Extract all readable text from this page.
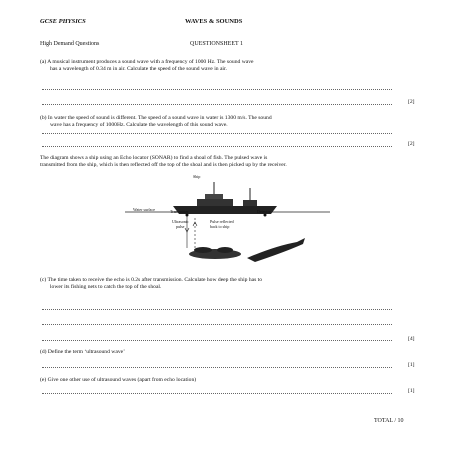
GCSE PHYSICS	WAVES & SOUNDS
High Demand Questions	QUESTIONSHEET 1
(a) A musical instrument produces a sound wave with a frequency of 1000 Hz. The sound wave
has a wavelength of 0.34 m in air. Calculate the speed of the sound wave in air.
[2]
(b) In water the speed of sound is different. The speed of a sound wave in water is 1300 m/s. The sound
wave has a frequency of 1000Hz. Calculate the wavelength of this sound wave.
[2]
The diagram shows a ship using an Echo locator (SONAR) to find a shoal of fish. The pulsed wave is
transmitted from the ship, which is then reflected off the top of the shoal and is then picked up by the receiver.
Ship
Water surface	Transmitter	Detector
Ultrasonic
pulse
Pulse reflected
back to ship
(c) The time taken to receive the echo is 0.2s after transmission. Calculate how deep the ship has to
lower its fishing nets to catch the top of the shoal.
[4]
(d) Define the term ‘ultrasound wave’
[1]
(e) Give one other use of ultrasound waves (apart from echo location)
[1]
TOTAL / 10
